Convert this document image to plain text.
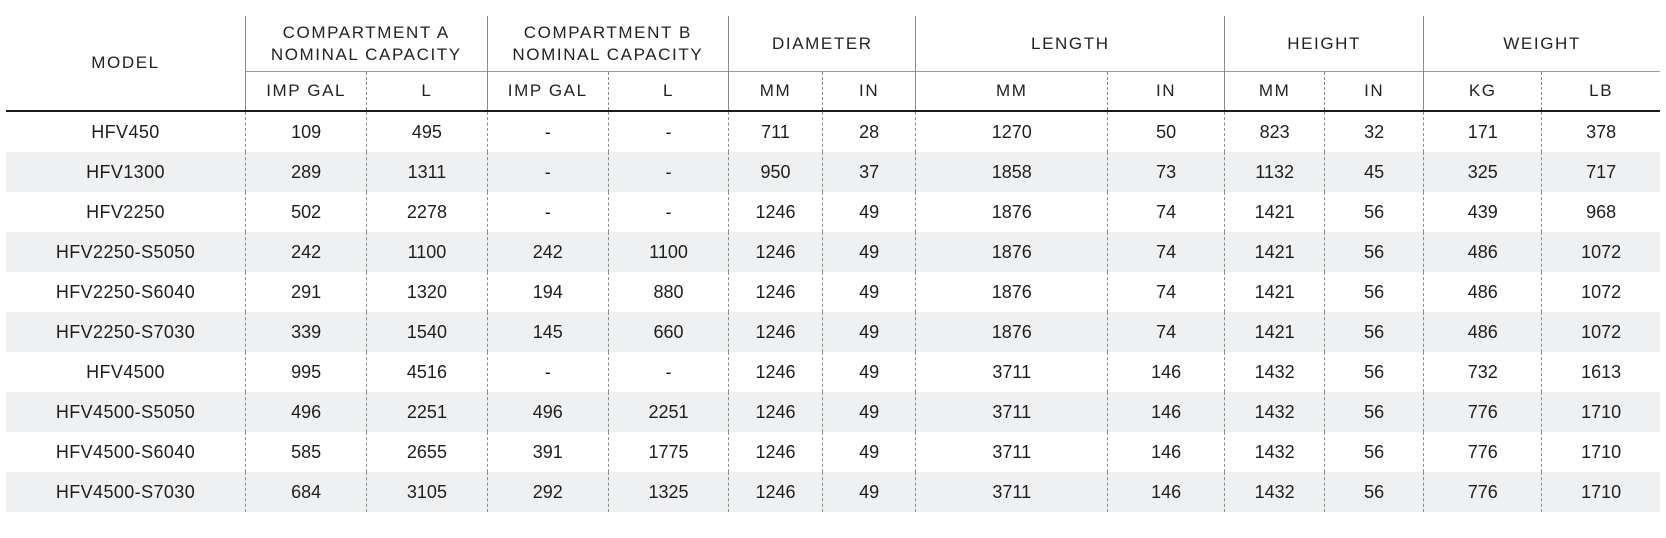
MODEL	COMPARTMENT A
NOMINAL CAPACITY		COMPARTMENT B
NOMINAL CAPACITY		DIAMETER		LENGTH		HEIGHT		WEIGHT	
	IMP GAL	L	IMP GAL	L	MM	IN	MM	IN	MM	IN	KG	LB
HFV450	109	495	-	-	711	28	1270	50	823	32	171	378
HFV1300	289	1311	-	-	950	37	1858	73	1132	45	325	717
HFV2250	502	2278	-	-	1246	49	1876	74	1421	56	439	968
HFV2250-S5050	242	1100	242	1100	1246	49	1876	74	1421	56	486	1072
HFV2250-S6040	291	1320	194	880	1246	49	1876	74	1421	56	486	1072
HFV2250-S7030	339	1540	145	660	1246	49	1876	74	1421	56	486	1072
HFV4500	995	4516	-	-	1246	49	3711	146	1432	56	732	1613
HFV4500-S5050	496	2251	496	2251	1246	49	3711	146	1432	56	776	1710
HFV4500-S6040	585	2655	391	1775	1246	49	3711	146	1432	56	776	1710
HFV4500-S7030	684	3105	292	1325	1246	49	3711	146	1432	56	776	1710
